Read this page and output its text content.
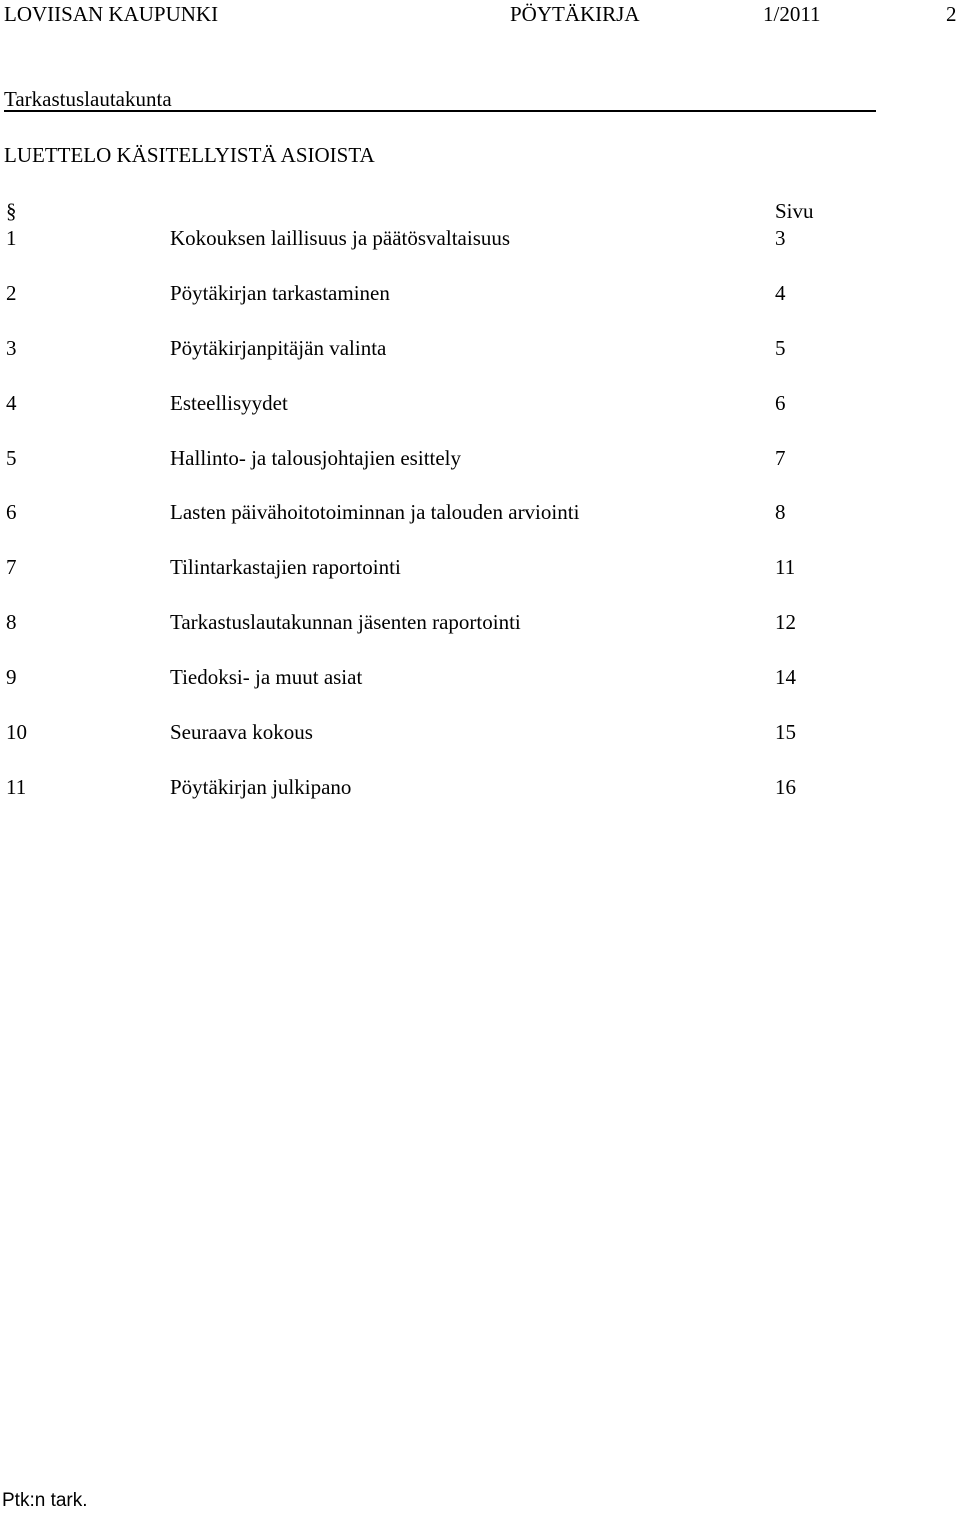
LOVIISAN KAUPUNKI	PÖYTÄKIRJA	1/2011	2
Tarkastuslautakunta
LUETTELO KÄSITELLYISTÄ ASIOISTA
§	Sivu
1	Kokouksen laillisuus ja päätösvaltaisuus	3
2	Pöytäkirjan tarkastaminen	4
3	Pöytäkirjanpitäjän valinta	5
4	Esteellisyydet	6
5	Hallinto- ja talousjohtajien esittely	7
6	Lasten päivähoitotoiminnan ja talouden arviointi	8
7	Tilintarkastajien raportointi	11
8	Tarkastuslautakunnan jäsenten raportointi	12
9	Tiedoksi- ja muut asiat	14
10	Seuraava kokous	15
11	Pöytäkirjan julkipano	16
Ptk:n tark.
